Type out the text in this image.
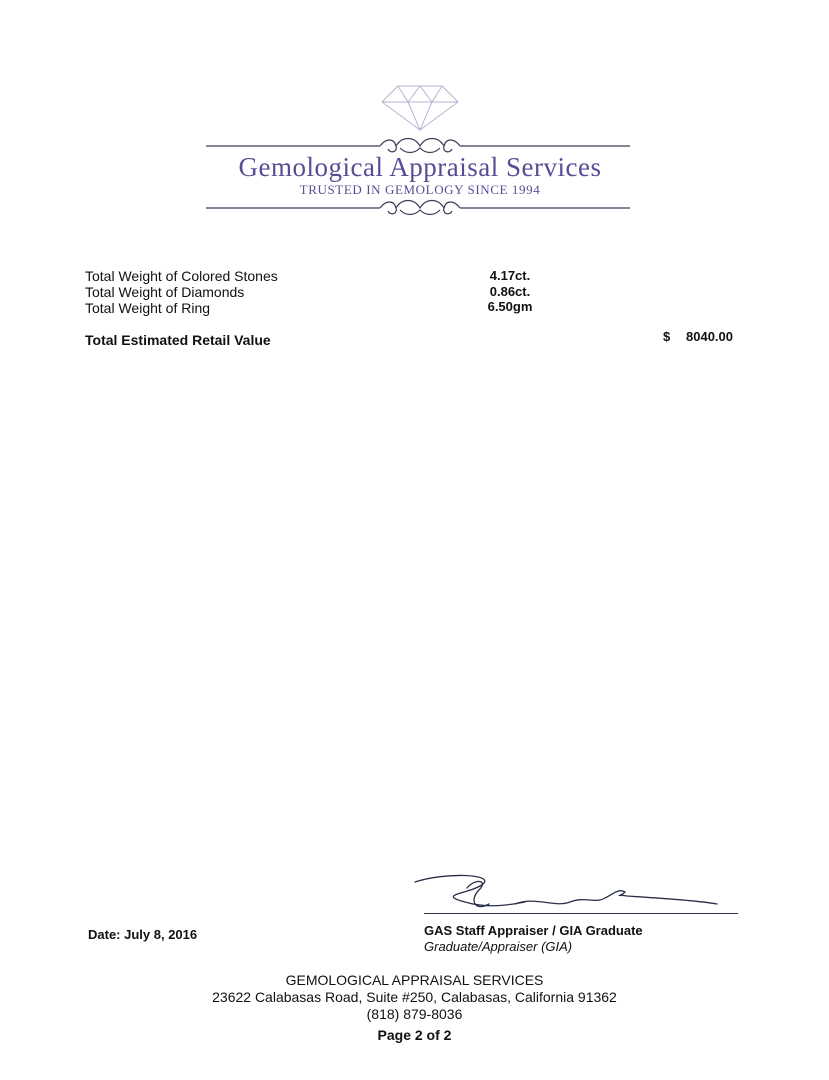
Gemological Appraisal Services
TRUSTED IN GEMOLOGY SINCE 1994
Total Weight of Colored Stones	4.17ct.
Total Weight of Diamonds	0.86ct.
Total Weight of Ring	6.50gm
Total Estimated Retail Value	$ 8040.00
Date: July 8, 2016	GAS Staff Appraiser / GIA Graduate
Graduate/Appraiser (GIA)
GEMOLOGICAL APPRAISAL SERVICES
23622 Calabasas Road, Suite #250, Calabasas, California 91362
(818) 879-8036
Page 2 of 2
